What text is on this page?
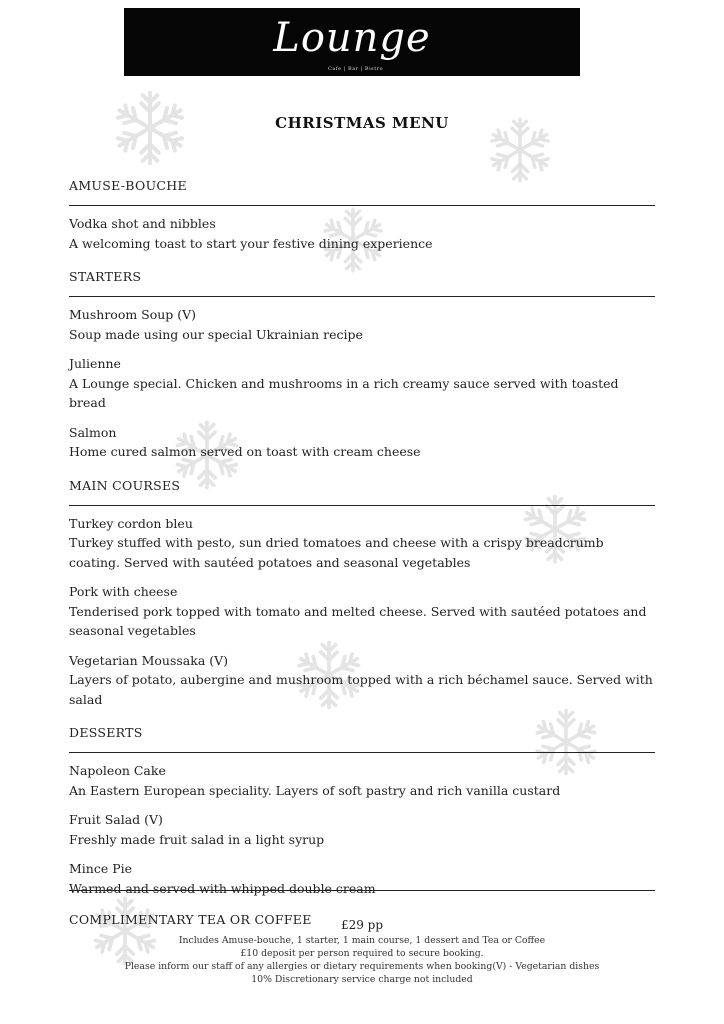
Lounge
Cafe | Bar | Bistro
CHRISTMAS MENU
AMUSE-BOUCHE
Vodka shot and nibbles
A welcoming toast to start your festive dining experience
STARTERS
Mushroom Soup (V)
Soup made using our special Ukrainian recipe
Julienne
A Lounge special. Chicken and mushrooms in a rich creamy sauce served with toasted bread
Salmon
Home cured salmon served on toast with cream cheese
MAIN COURSES
Turkey cordon bleu
Turkey stuffed with pesto, sun dried tomatoes and cheese with a crispy breadcrumb coating. Served with sautéed potatoes and seasonal vegetables
Pork with cheese
Tenderised pork topped with tomato and melted cheese. Served with sautéed potatoes and seasonal vegetables
Vegetarian Moussaka (V)
Layers of potato, aubergine and mushroom topped with a rich béchamel sauce. Served with salad
DESSERTS
Napoleon Cake
An Eastern European speciality. Layers of soft pastry and rich vanilla custard
Fruit Salad (V)
Freshly made fruit salad in a light syrup
Mince Pie
Warmed and served with whipped double cream
COMPLIMENTARY TEA OR COFFEE	£29 pp
Includes Amuse-bouche, 1 starter, 1 main course, 1 dessert and Tea or Coffee
£10 deposit per person required to secure booking.
Please inform our staff of any allergies or dietary requirements when booking(V) - Vegetarian dishes
10% Discretionary service charge not included
